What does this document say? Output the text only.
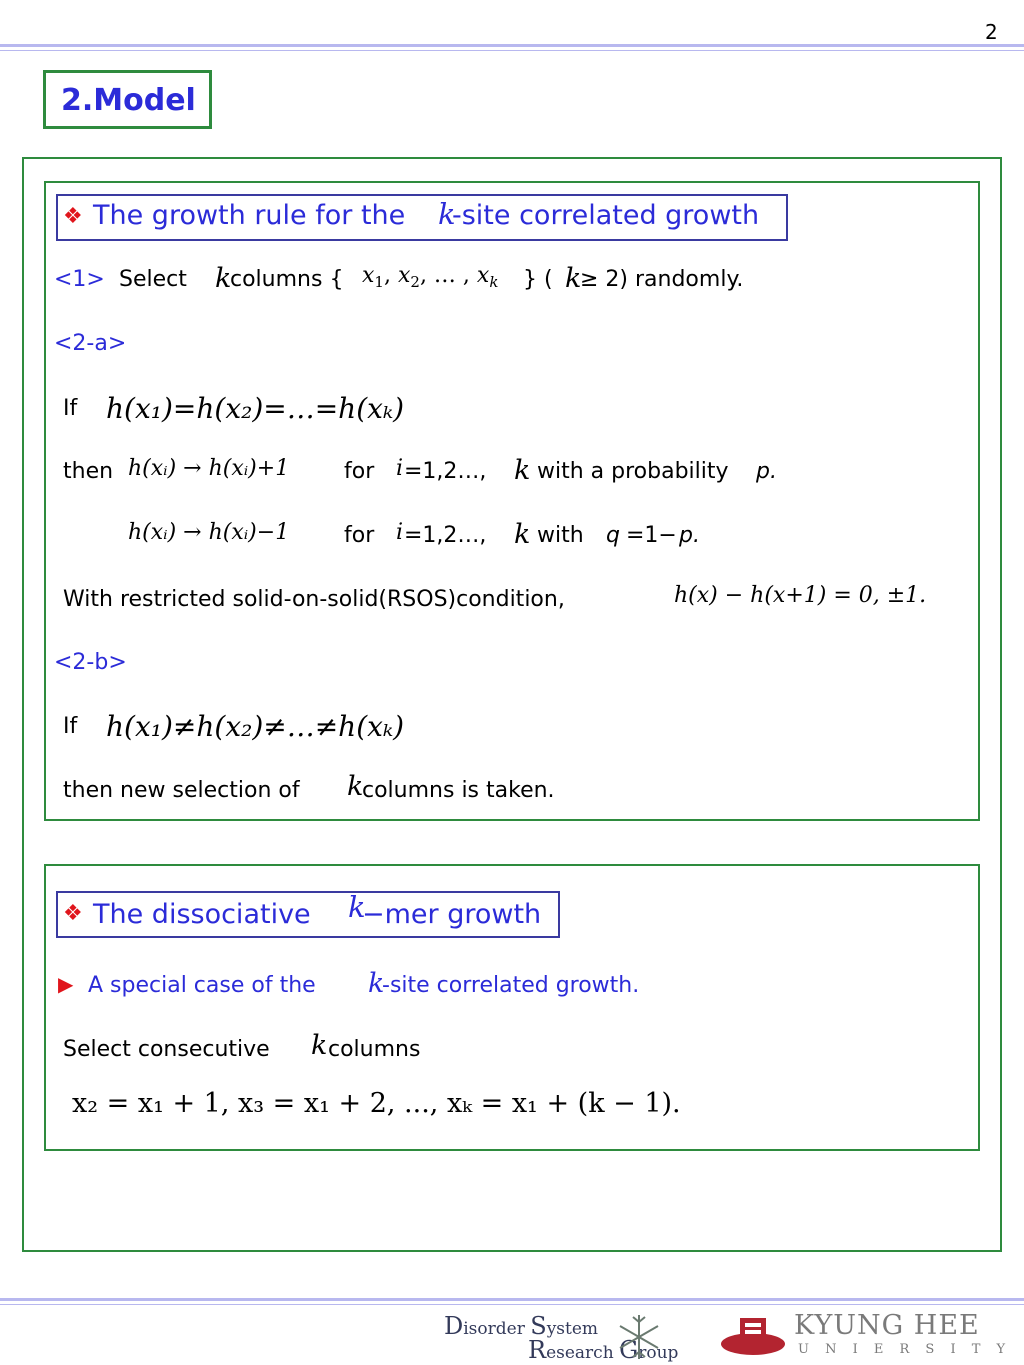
2
2.Model
❖ The growth rule for the k
-site correlated growth
<1> Select k
columns { $x_1$, $x_2$, … , $x_k$ } ( k
≥ 2) randomly.
<2-a>
If h(x₁)=h(x₂)=…=h(xₖ)
then h(xᵢ) → h(xᵢ)+1 for i =1,2…, k with a probability p.
h(xᵢ) → h(xᵢ)−1 for i =1,2…, k with q =1− p.
With restricted solid-on-solid(RSOS)condition,	h(x) − h(x+1) = 0, ±1.
<2-b>
If h(x₁)≠h(x₂)≠…≠h(xₖ)
then new selection of k
columns is taken.
❖ The dissociative k
−mer growth
▶ A special case of the k
-site correlated growth.
Select consecutive k columns
x₂ = x₁ + 1, x₃ = x₁ + 2, ..., xₖ = x₁ + (k − 1).
Disorder System
Research Group
KYUNG HEE
U N I E R S I T Y
